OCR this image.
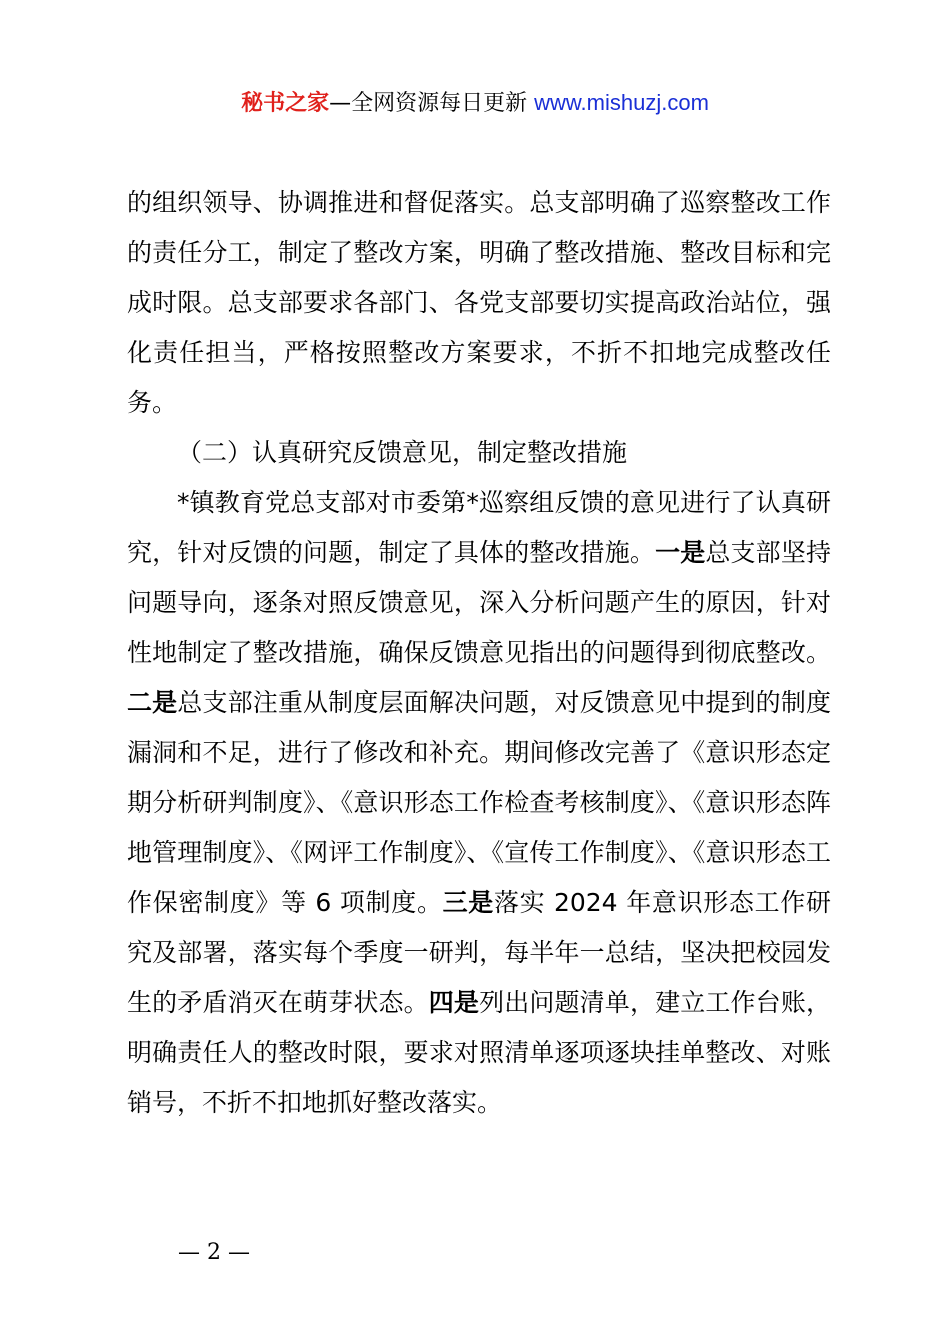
秘书之家—全网资源每日更新 www.mishuzj.com

的组织领导、协调推进和督促落实。总支部明确了巡察整改工作的责任分工，制定了整改方案，明确了整改措施、整改目标和完成时限。总支部要求各部门、各党支部要切实提高政治站位，强化责任担当，严格按照整改方案要求，不折不扣地完成整改任务。

（二）认真研究反馈意见，制定整改措施

*镇教育党总支部对市委第*巡察组反馈的意见进行了认真研究，针对反馈的问题，制定了具体的整改措施。一是总支部坚持问题导向，逐条对照反馈意见，深入分析问题产生的原因，针对性地制定了整改措施，确保反馈意见指出的问题得到彻底整改。二是总支部注重从制度层面解决问题，对反馈意见中提到的制度漏洞和不足，进行了修改和补充。期间修改完善了《意识形态定期分析研判制度》、《意识形态工作检查考核制度》、《意识形态阵地管理制度》、《网评工作制度》、《宣传工作制度》、《意识形态工作保密制度》等 6 项制度。三是落实 2024 年意识形态工作研究及部署，落实每个季度一研判，每半年一总结，坚决把校园发生的矛盾消灭在萌芽状态。四是列出问题清单，建立工作台账，明确责任人的整改时限，要求对照清单逐项逐块挂单整改、对账销号，不折不扣地抓好整改落实。

— 2 —
